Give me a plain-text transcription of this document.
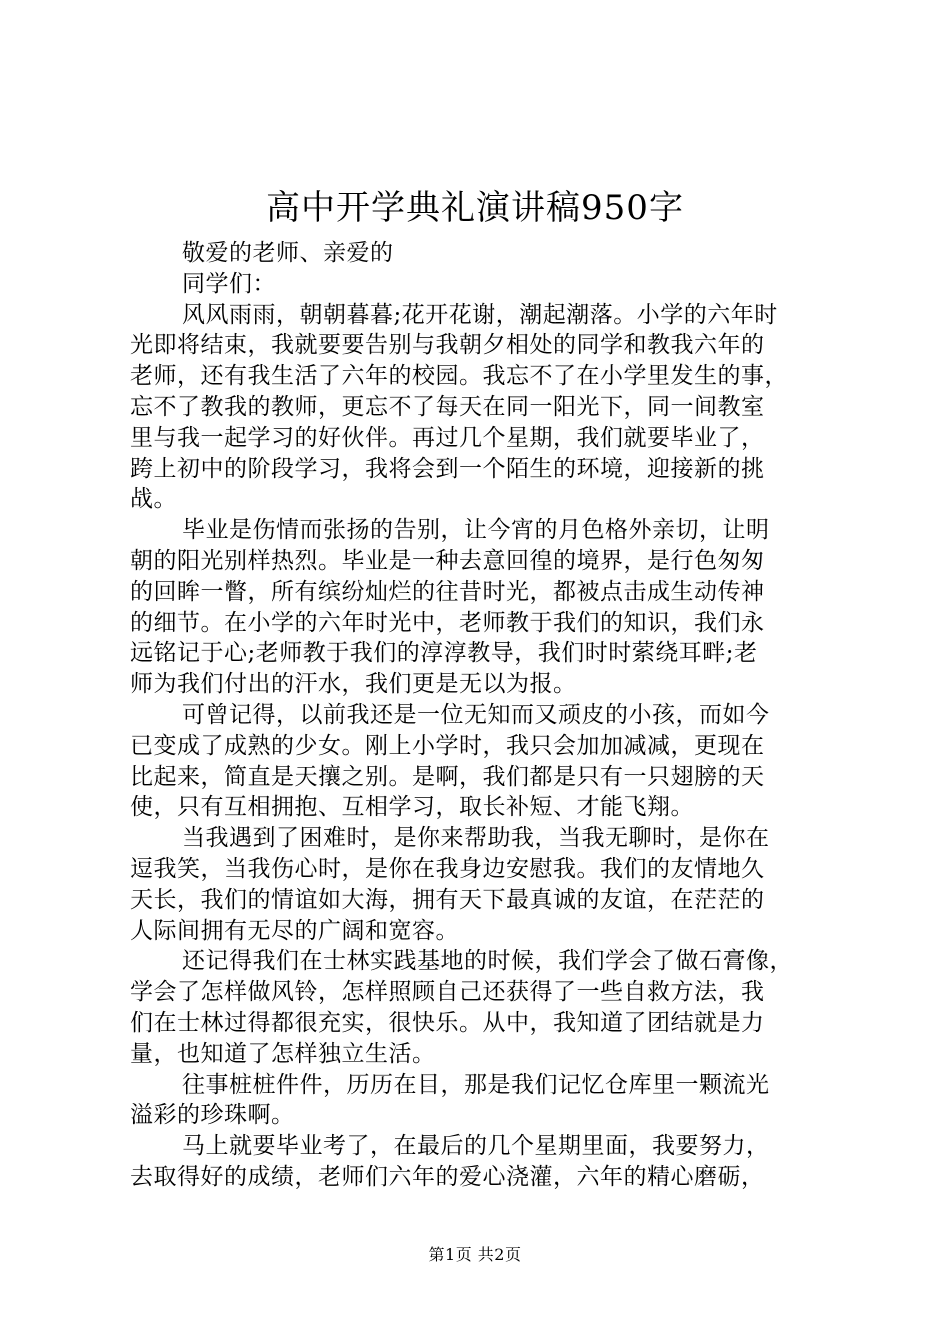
高中开学典礼演讲稿950字

敬爱的老师、亲爱的

同学们：

风风雨雨，朝朝暮暮;花开花谢，潮起潮落。小学的六年时

光即将结束，我就要要告别与我朝夕相处的同学和教我六年的

老师，还有我生活了六年的校园。我忘不了在小学里发生的事，

忘不了教我的教师，更忘不了每天在同一阳光下，同一间教室

里与我一起学习的好伙伴。再过几个星期，我们就要毕业了，

跨上初中的阶段学习，我将会到一个陌生的环境，迎接新的挑

战。

毕业是伤情而张扬的告别，让今宵的月色格外亲切，让明

朝的阳光别样热烈。毕业是一种去意回徨的境界，是行色匆匆

的回眸一瞥，所有缤纷灿烂的往昔时光，都被点击成生动传神

的细节。在小学的六年时光中，老师教于我们的知识，我们永

远铭记于心;老师教于我们的淳淳教导，我们时时萦绕耳畔;老

师为我们付出的汗水，我们更是无以为报。

可曾记得，以前我还是一位无知而又顽皮的小孩，而如今

已变成了成熟的少女。刚上小学时，我只会加加减减，更现在

比起来，简直是天攘之别。是啊，我们都是只有一只翅膀的天

使，只有互相拥抱、互相学习，取长补短、才能飞翔。

当我遇到了困难时，是你来帮助我，当我无聊时，是你在

逗我笑，当我伤心时，是你在我身边安慰我。我们的友情地久

天长，我们的情谊如大海，拥有天下最真诚的友谊，在茫茫的

人际间拥有无尽的广阔和宽容。

还记得我们在士林实践基地的时候，我们学会了做石膏像，

学会了怎样做风铃，怎样照顾自己还获得了一些自救方法，我

们在士林过得都很充实，很快乐。从中，我知道了团结就是力

量，也知道了怎样独立生活。

往事桩桩件件，历历在目，那是我们记忆仓库里一颗流光

溢彩的珍珠啊。

马上就要毕业考了，在最后的几个星期里面，我要努力，

去取得好的成绩，老师们六年的爱心浇灌，六年的精心磨砺，

第1页 共2页
